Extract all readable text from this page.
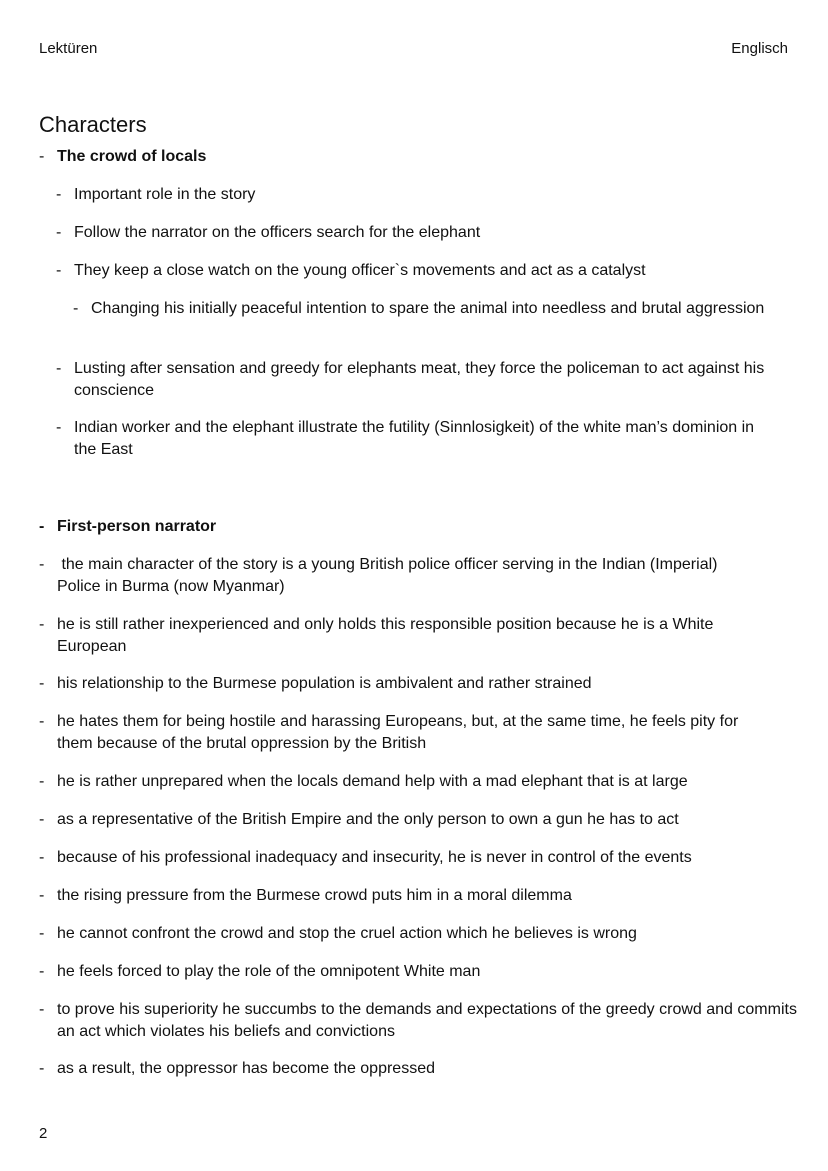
Lektüren	Englisch
Characters
- The crowd of locals
- Important role in the story
- Follow the narrator on the officers search for the elephant
- They keep a close watch on the young officer`s movements and act as a catalyst
- Changing his initially peaceful intention to spare the animal into needless and brutal aggression
- Lusting after sensation and greedy for elephants meat, they force the policeman to act against his conscience
- Indian worker and the elephant illustrate the futility (Sinnlosigkeit) of the white man’s dominion in the East
- First-person narrator
- the main character of the story is a young British police officer serving in the Indian (Imperial) Police in Burma (now Myanmar)
- he is still rather inexperienced and only holds this responsible position because he is a White European
- his relationship to the Burmese population is ambivalent and rather strained
- he hates them for being hostile and harassing Europeans, but, at the same time, he feels pity for them because of the brutal oppression by the British
- he is rather unprepared when the locals demand help with a mad elephant that is at large
- as a representative of the British Empire and the only person to own a gun he has to act
- because of his professional inadequacy and insecurity, he is never in control of the events
- the rising pressure from the Burmese crowd puts him in a moral dilemma
- he cannot confront the crowd and stop the cruel action which he believes is wrong
- he feels forced to play the role of the omnipotent White man
- to prove his superiority he succumbs to the demands and expectations of the greedy crowd and commits an act which violates his beliefs and convictions
- as a result, the oppressor has become the oppressed
2
